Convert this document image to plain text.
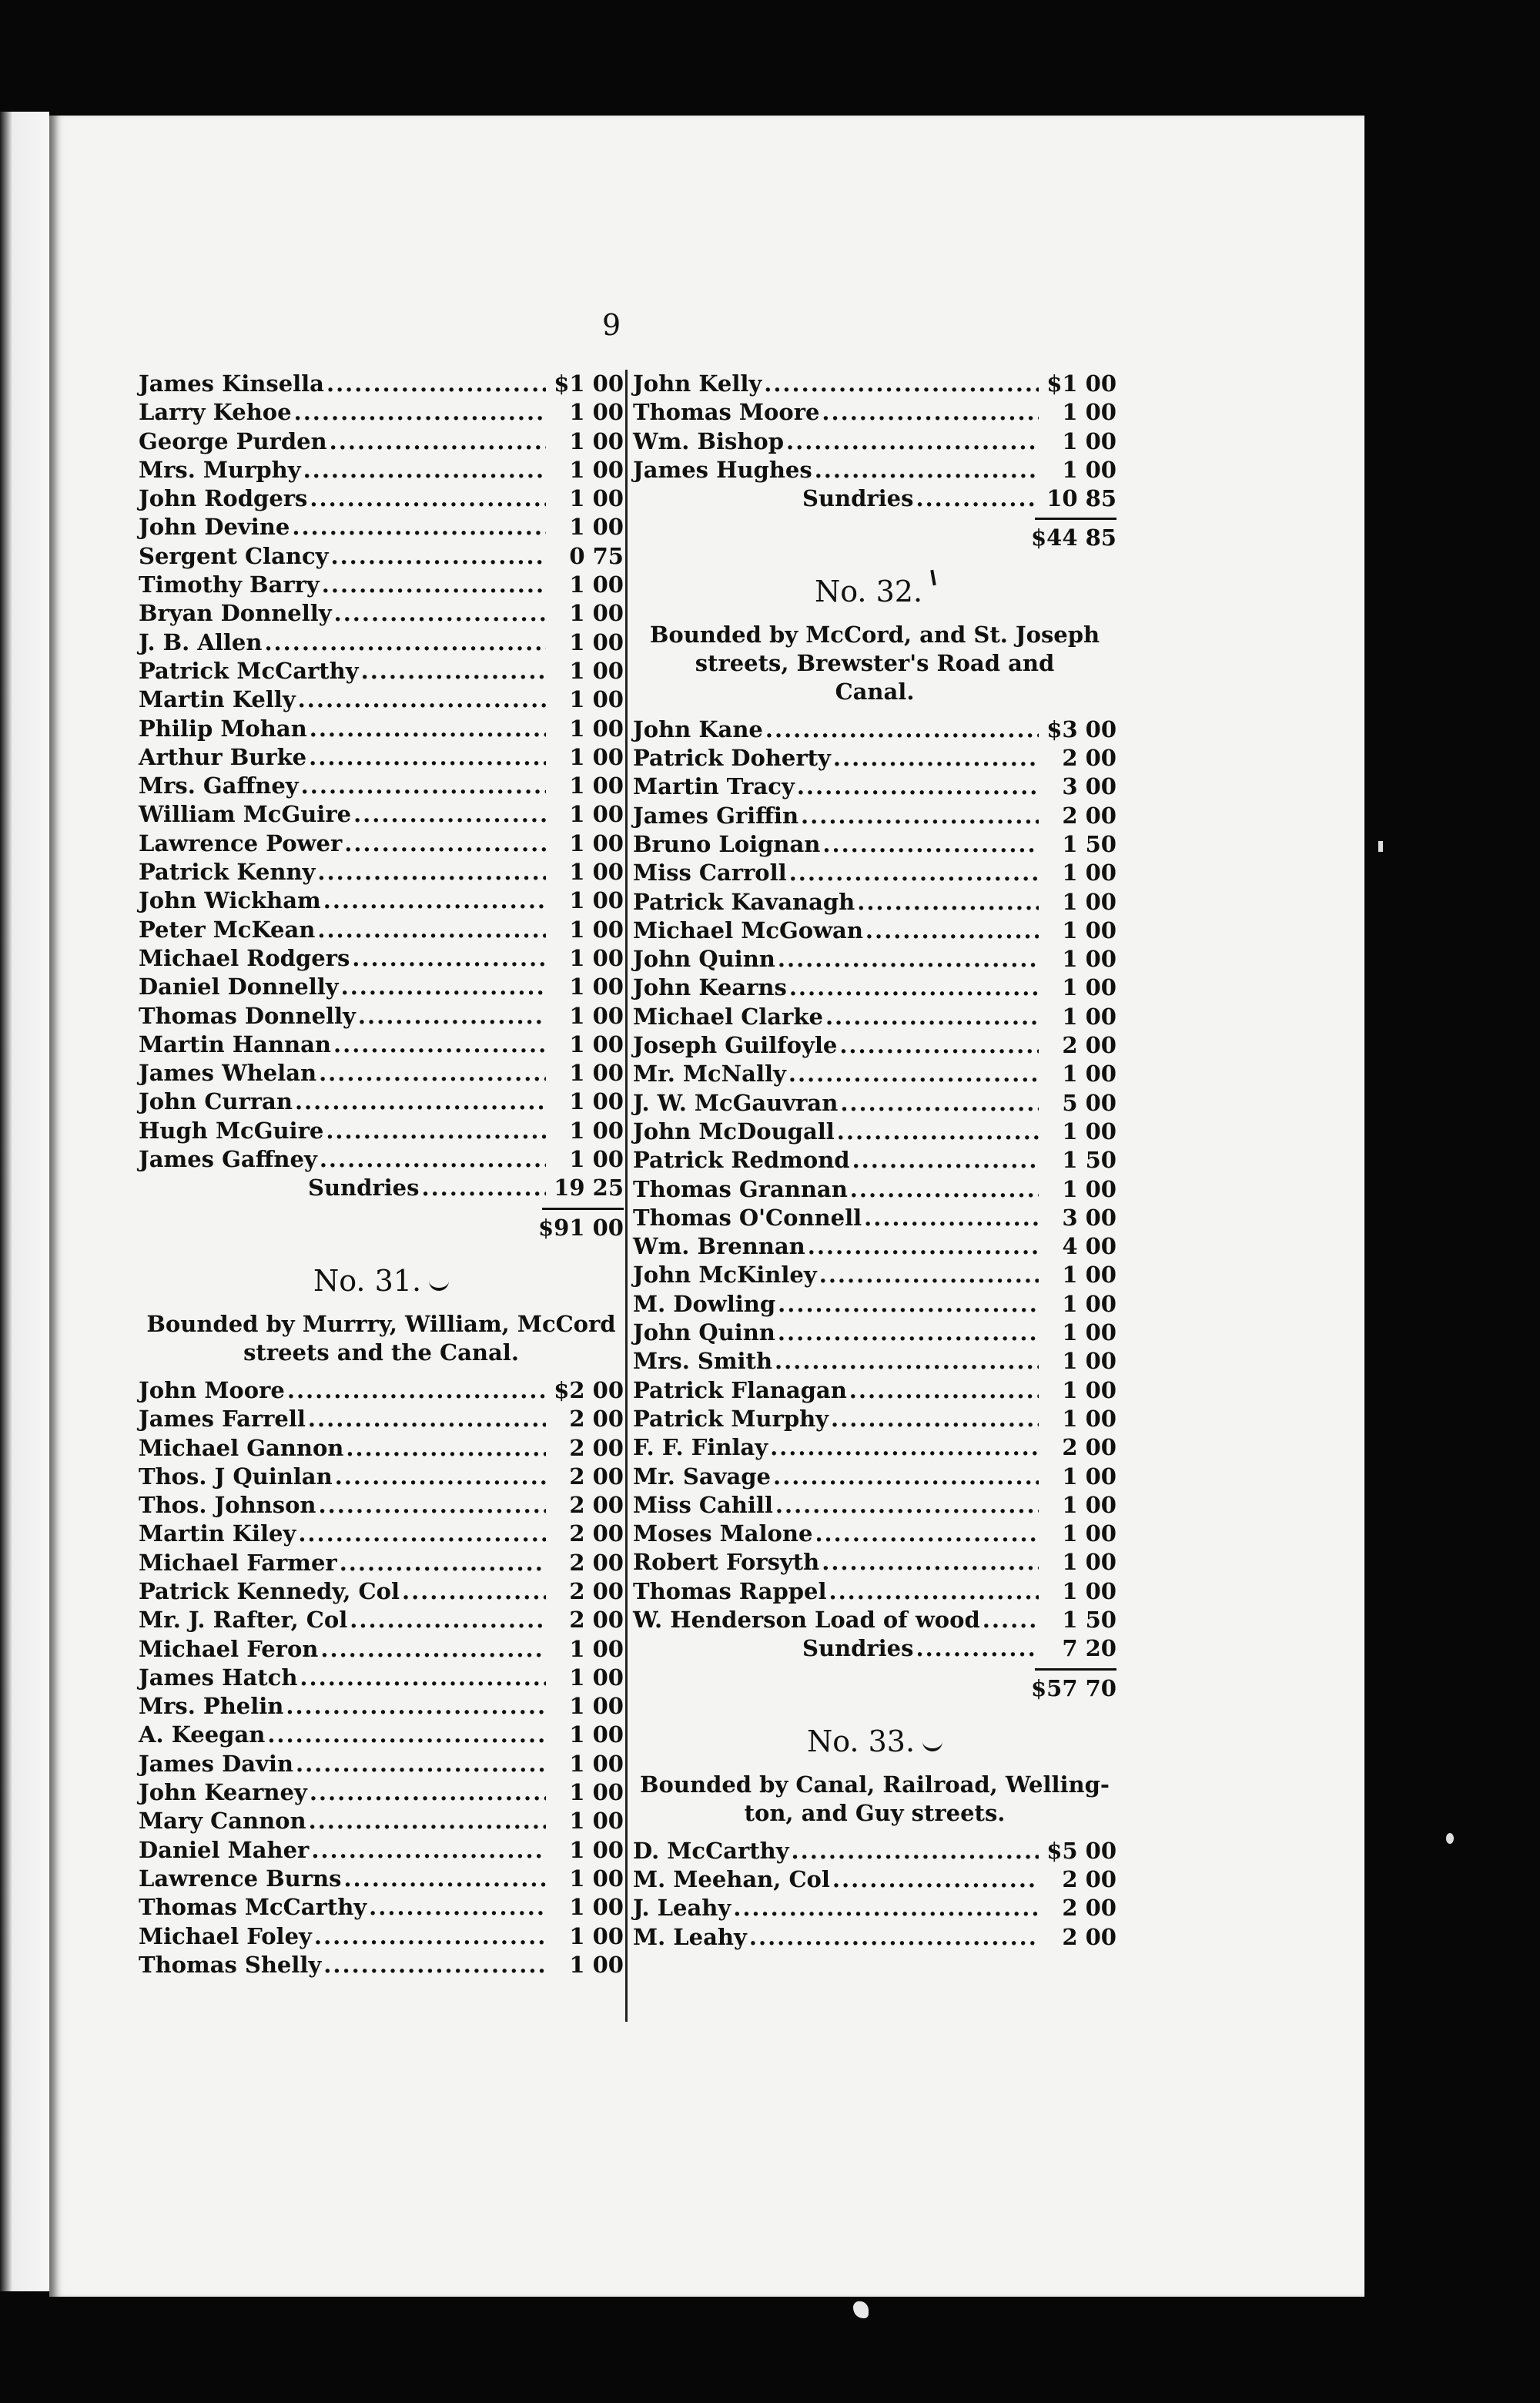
9
James Kinsella .....	$1 00
Larry Kehoe .....	1 00
George Purden .....	1 00
Mrs. Murphy .....	1 00
John Rodgers .....	1 00
John Devine .....	1 00
Sergent Clancy .....	0 75
Timothy Barry .....	1 00
Bryan Donnelly .....	1 00
J. B. Allen .....	1 00
Patrick McCarthy .....	1 00
Martin Kelly .....	1 00
Philip Mohan .....	1 00
Arthur Burke .....	1 00
Mrs. Gaffney .....	1 00
William McGuire .....	1 00
Lawrence Power .....	1 00
Patrick Kenny .....	1 00
John Wickham .....	1 00
Peter McKean .....	1 00
Michael Rodgers .....	1 00
Daniel Donnelly .....	1 00
Thomas Donnelly .....	1 00
Martin Hannan .....	1 00
James Whelan .....	1 00
John Curran .....	1 00
Hugh McGuire .....	1 00
James Gaffney .....	1 00
Sundries .....	19 25
$91 00
No. 31.
Bounded by Murrry, William, McCord
streets and the Canal.
John Moore .....	$2 00
James Farrell .....	2 00
Michael Gannon .....	2 00
Thos. J Quinlan .....	2 00
Thos. Johnson .....	2 00
Martin Kiley .....	2 00
Michael Farmer .....	2 00
Patrick Kennedy, Col .....	2 00
Mr. J. Rafter, Col .....	2 00
Michael Feron .....	1 00
James Hatch .....	1 00
Mrs. Phelin .....	1 00
A. Keegan .....	1 00
James Davin .....	1 00
John Kearney .....	1 00
Mary Cannon .....	1 00
Daniel Maher .....	1 00
Lawrence Burns .....	1 00
Thomas McCarthy .....	1 00
Michael Foley .....	1 00
Thomas Shelly .....	1 00
John Kelly .....	$1 00
Thomas Moore .....	1 00
Wm. Bishop .....	1 00
James Hughes .....	1 00
Sundries .....	10 85
$44 85
No. 32.
Bounded by McCord, and St. Joseph
streets, Brewster's Road and
Canal.
John Kane .....	$3 00
Patrick Doherty .....	2 00
Martin Tracy .....	3 00
James Griffin .....	2 00
Bruno Loignan .....	1 50
Miss Carroll .....	1 00
Patrick Kavanagh .....	1 00
Michael McGowan .....	1 00
John Quinn .....	1 00
John Kearns .....	1 00
Michael Clarke .....	1 00
Joseph Guilfoyle .....	2 00
Mr. McNally .....	1 00
J. W. McGauvran .....	5 00
John McDougall .....	1 00
Patrick Redmond .....	1 50
Thomas Grannan .....	1 00
Thomas O'Connell .....	3 00
Wm. Brennan .....	4 00
John McKinley .....	1 00
M. Dowling .....	1 00
John Quinn .....	1 00
Mrs. Smith .....	1 00
Patrick Flanagan .....	1 00
Patrick Murphy .....	1 00
F. F. Finlay .....	2 00
Mr. Savage .....	1 00
Miss Cahill .....	1 00
Moses Malone .....	1 00
Robert Forsyth .....	1 00
Thomas Rappel .....	1 00
W. Henderson Load of wood .....	1 50
Sundries .....	7 20
$57 70
No. 33.
Bounded by Canal, Railroad, Welling-
ton, and Guy streets.
D. McCarthy .....	$5 00
M. Meehan, Col .....	2 00
J. Leahy .....	2 00
M. Leahy .....	2 00
